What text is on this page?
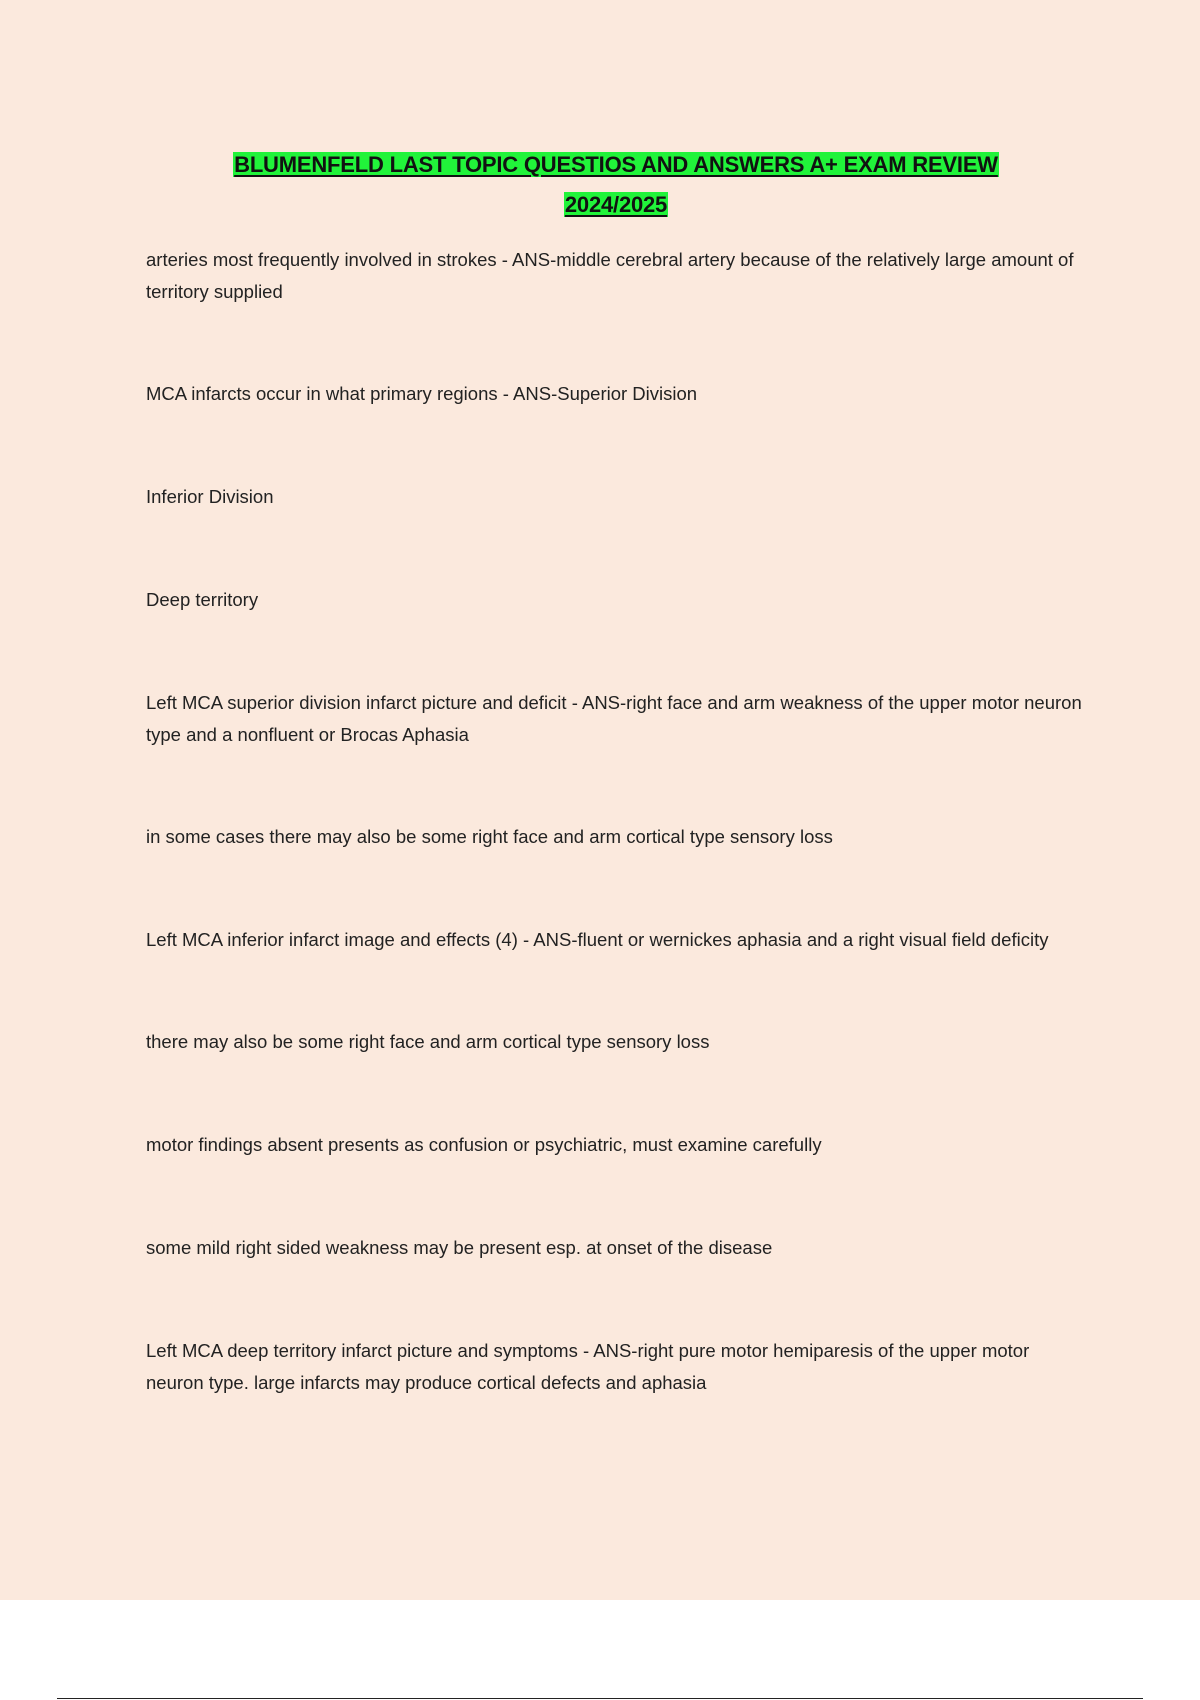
BLUMENFELD LAST TOPIC QUESTIOS AND ANSWERS A+ EXAM REVIEW
2024/2025

arteries most frequently involved in strokes - ANS-middle cerebral artery because of the relatively large amount of territory supplied

MCA infarcts occur in what primary regions - ANS-Superior Division

Inferior Division

Deep territory

Left MCA superior division infarct picture and deficit - ANS-right face and arm weakness of the upper motor neuron type and a nonfluent or Brocas Aphasia

in some cases there may also be some right face and arm cortical type sensory loss

Left MCA inferior infarct image and effects (4) - ANS-fluent or wernickes aphasia and a right visual field deficity

there may also be some right face and arm cortical type sensory loss

motor findings absent presents as confusion or psychiatric, must examine carefully

some mild right sided weakness may be present esp. at onset of the disease

Left MCA deep territory infarct picture and symptoms - ANS-right pure motor hemiparesis of the upper motor neuron type. large infarcts may produce cortical defects and aphasia
